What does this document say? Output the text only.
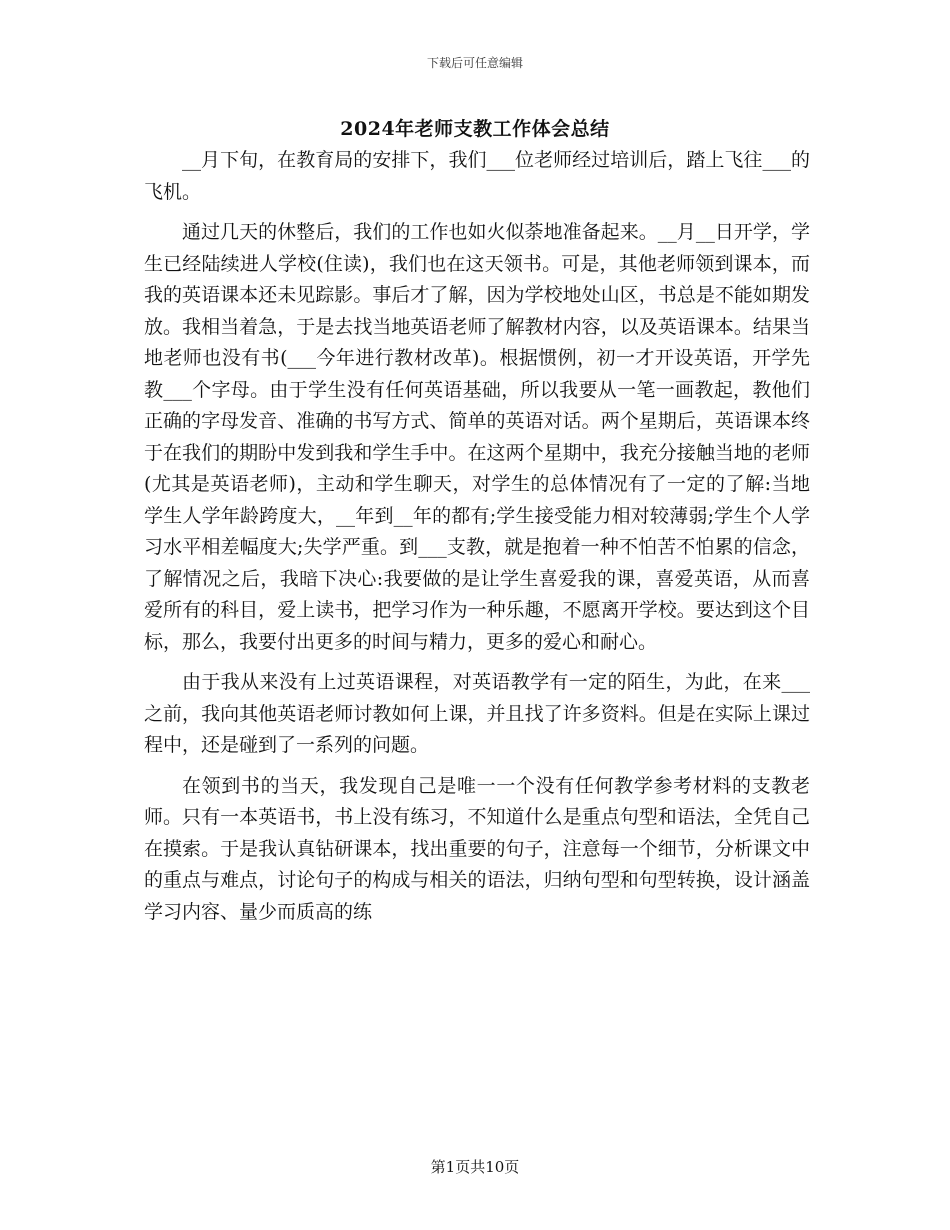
下载后可任意编辑
2024年老师支教工作体会总结

__月下旬，在教育局的安排下，我们___位老师经过培训后，踏上飞往___的飞机。

通过几天的休整后，我们的工作也如火似荼地准备起来。__月__日开学，学生已经陆续进人学校(住读)，我们也在这天领书。可是，其他老师领到课本，而我的英语课本还未见踪影。事后才了解，因为学校地处山区，书总是不能如期发放。我相当着急，于是去找当地英语老师了解教材内容，以及英语课本。结果当地老师也没有书(___今年进行教材改革)。根据惯例，初一才开设英语，开学先教___个字母。由于学生没有任何英语基础，所以我要从一笔一画教起，教他们正确的字母发音、准确的书写方式、简单的英语对话。两个星期后，英语课本终于在我们的期盼中发到我和学生手中。在这两个星期中，我充分接触当地的老师(尤其是英语老师)，主动和学生聊天，对学生的总体情况有了一定的了解:当地学生人学年龄跨度大，__年到__年的都有;学生接受能力相对较薄弱;学生个人学习水平相差幅度大;失学严重。到___支教，就是抱着一种不怕苦不怕累的信念，了解情况之后，我暗下决心:我要做的是让学生喜爱我的课，喜爱英语，从而喜爱所有的科目，爱上读书，把学习作为一种乐趣，不愿离开学校。要达到这个目标，那么，我要付出更多的时间与精力，更多的爱心和耐心。

由于我从来没有上过英语课程，对英语教学有一定的陌生，为此，在来___之前，我向其他英语老师讨教如何上课，并且找了许多资料。但是在实际上课过程中，还是碰到了一系列的问题。

在领到书的当天，我发现自己是唯一一个没有任何教学参考材料的支教老师。只有一本英语书，书上没有练习，不知道什么是重点句型和语法，全凭自己在摸索。于是我认真钻研课本，找出重要的句子，注意每一个细节，分析课文中的重点与难点，讨论句子的构成与相关的语法，归纳句型和句型转换，设计涵盖学习内容、量少而质高的练

第1页共10页
